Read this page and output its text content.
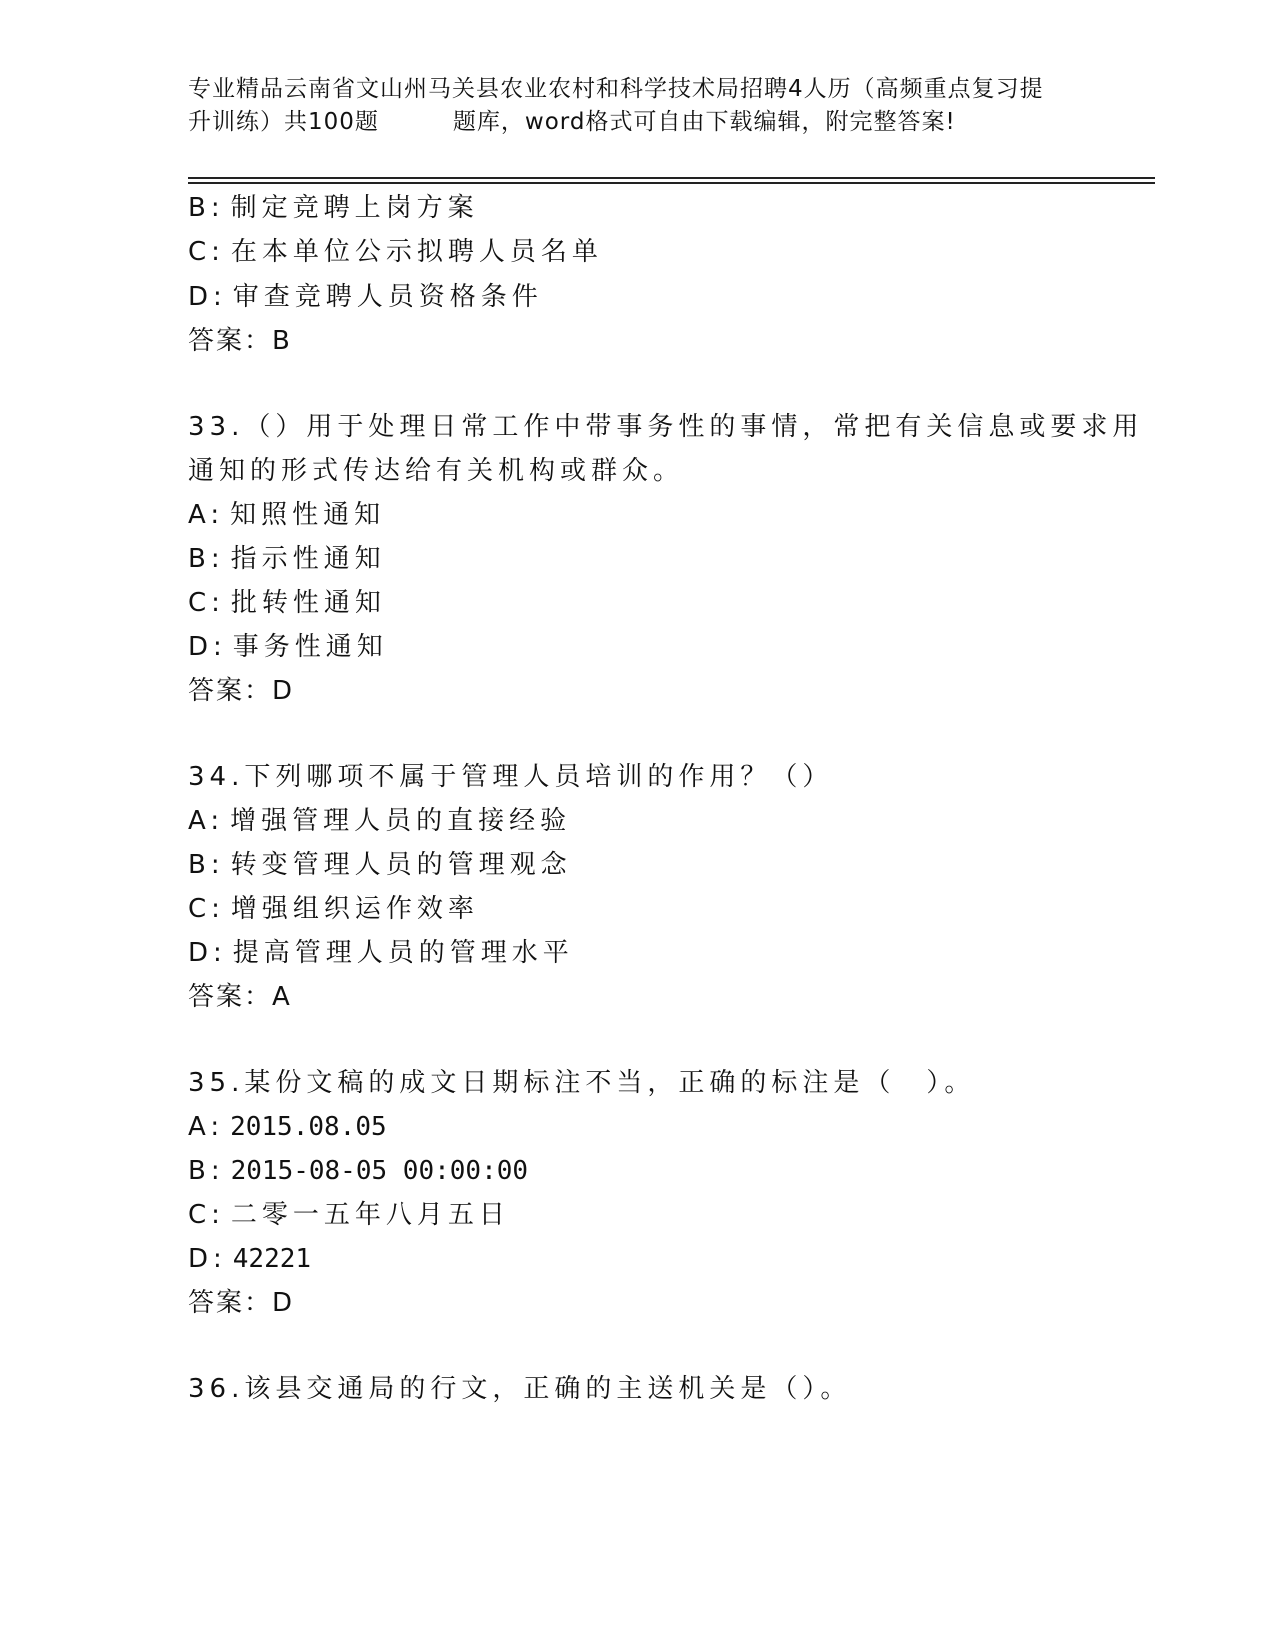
专业精品云南省文山州马关县农业农村和科学技术局招聘4人历（高频重点复习提
升训练）共100题	题库，word格式可自由下载编辑，附完整答案!
B: 制定竞聘上岗方案
C: 在本单位公示拟聘人员名单
D: 审查竞聘人员资格条件
答案：B
33.（）用于处理日常工作中带事务性的事情，常把有关信息或要求用
通知的形式传达给有关机构或群众。
A: 知照性通知
B: 指示性通知
C: 批转性通知
D: 事务性通知
答案：D
34.下列哪项不属于管理人员培训的作用？（）
A: 增强管理人员的直接经验
B: 转变管理人员的管理观念
C: 增强组织运作效率
D: 提高管理人员的管理水平
答案：A
35.某份文稿的成文日期标注不当，正确的标注是（　）。
A: 2015.08.05
B: 2015-08-05 00:00:00
C: 二零一五年八月五日
D: 42221
答案：D
36.该县交通局的行文，正确的主送机关是（）。
